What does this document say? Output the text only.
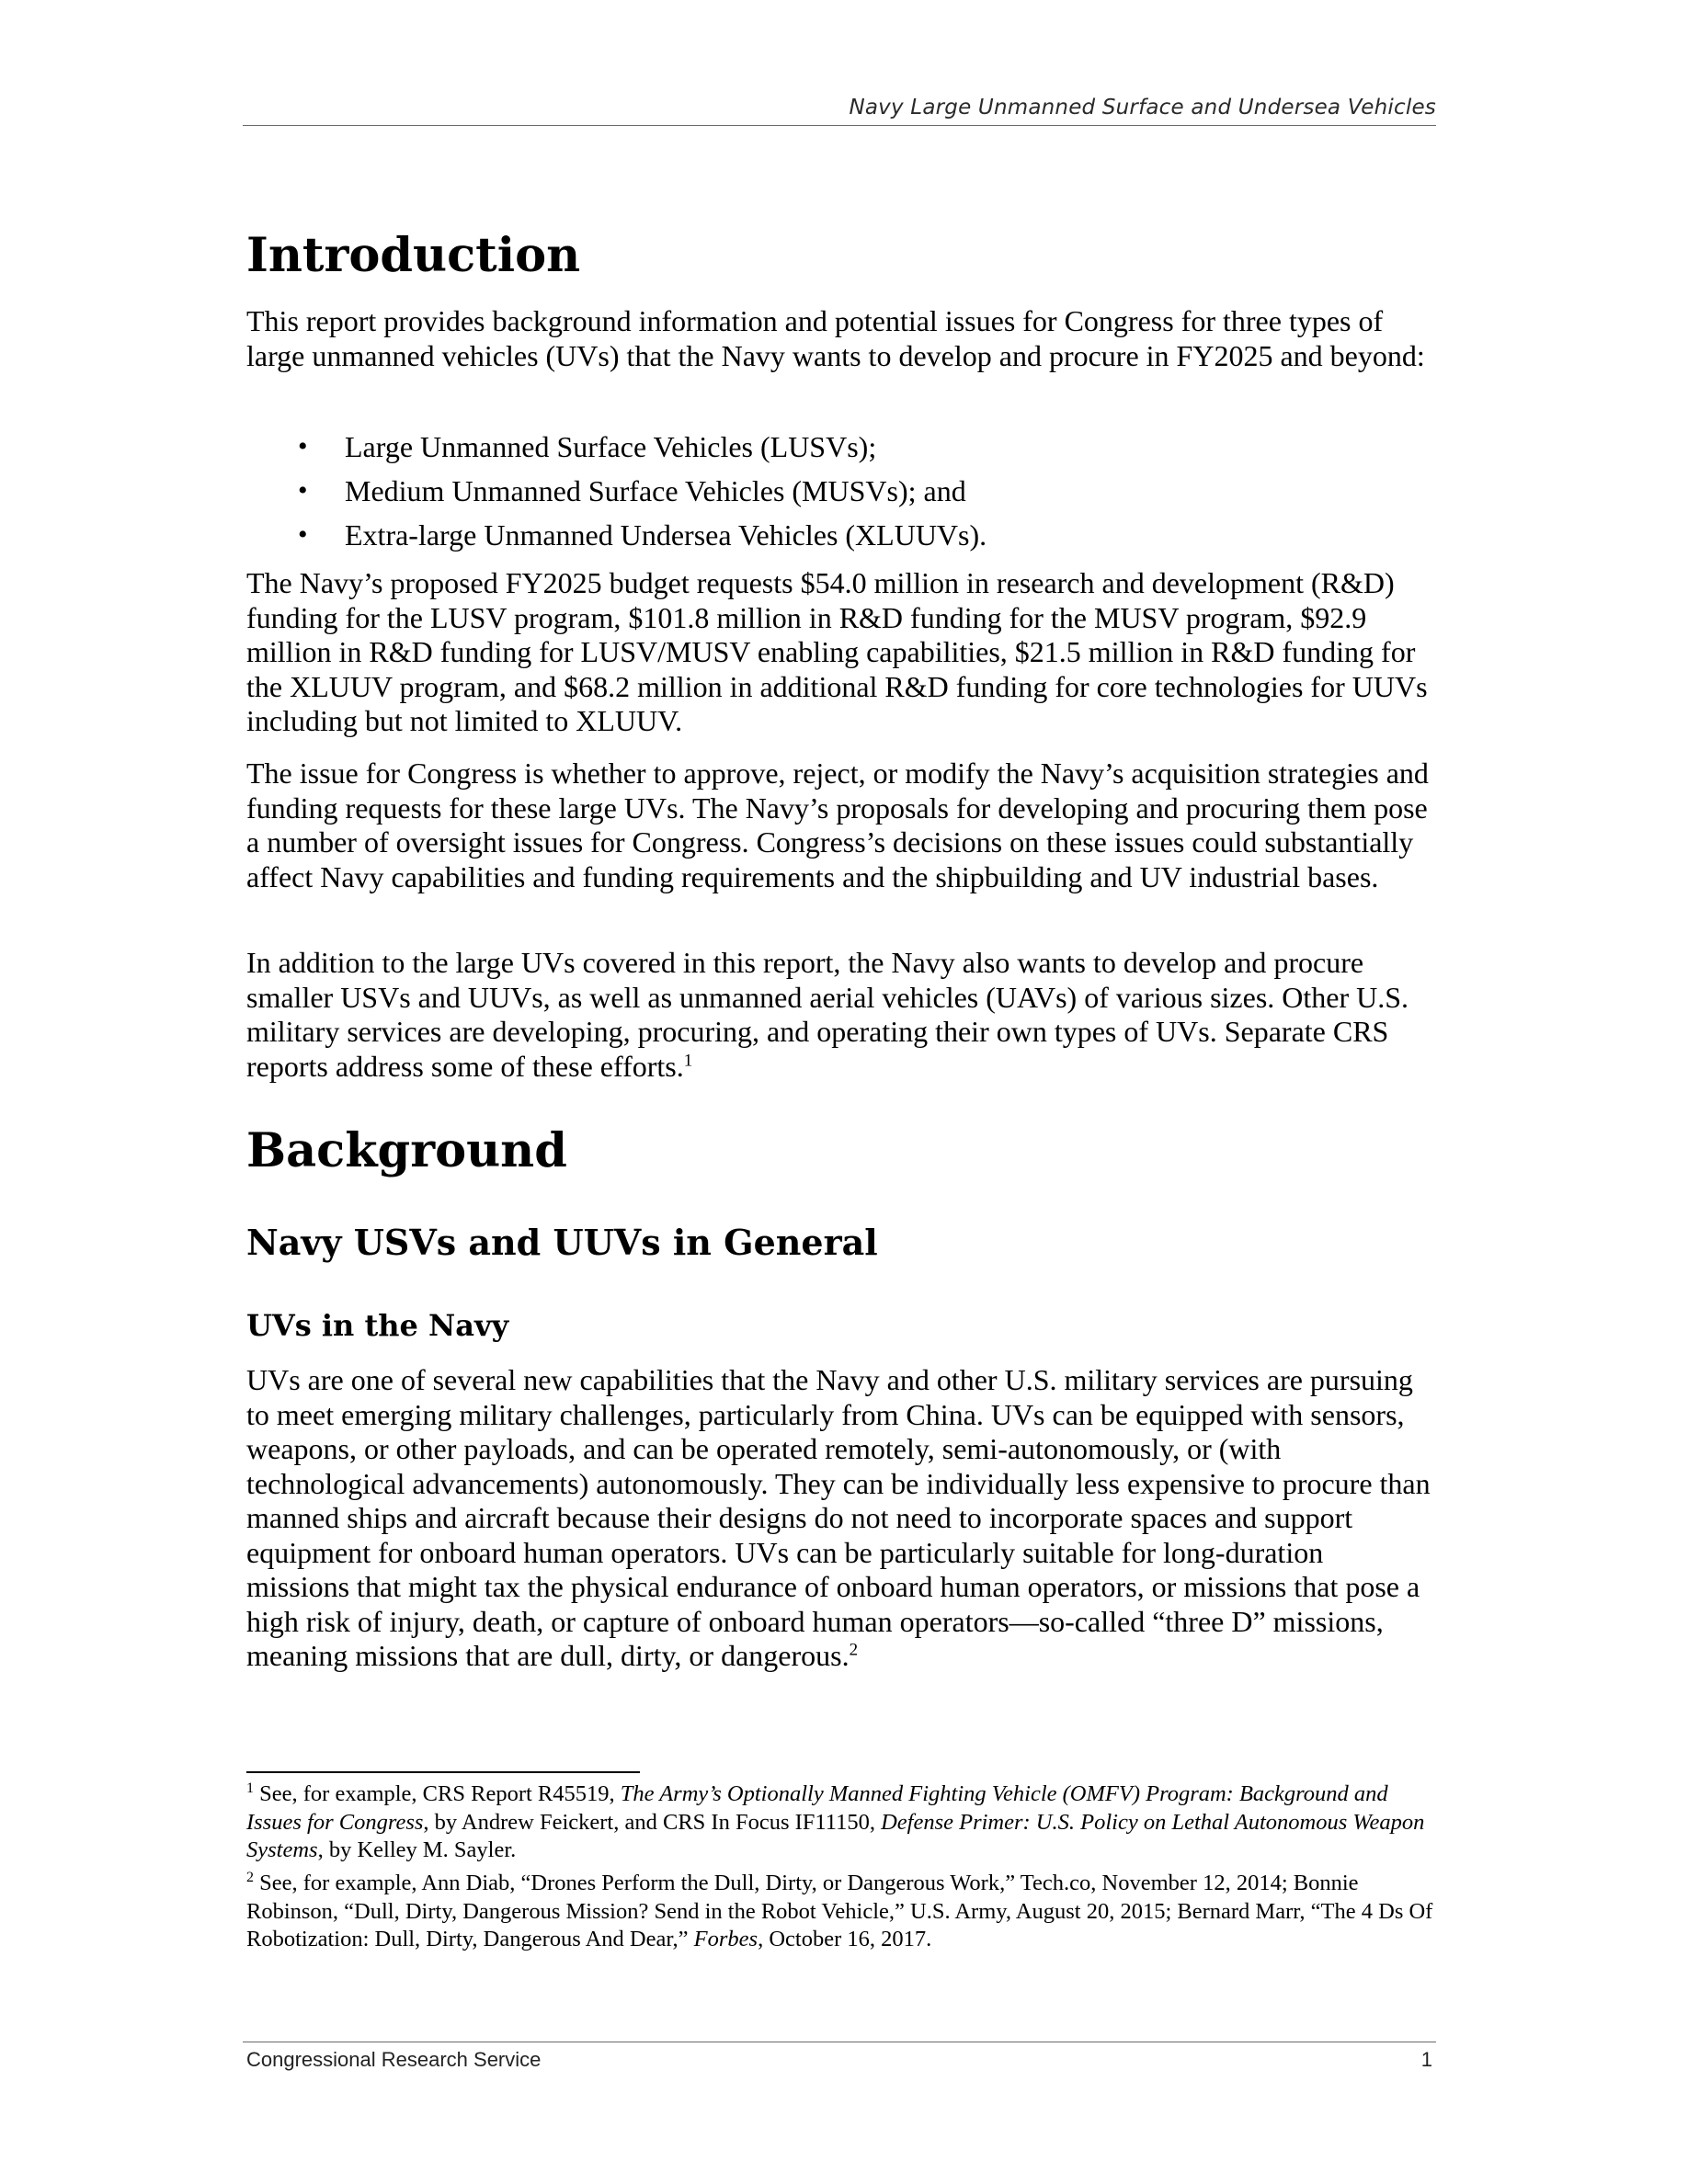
Navy Large Unmanned Surface and Undersea Vehicles
Introduction

This report provides background information and potential issues for Congress for three types of large unmanned vehicles (UVs) that the Navy wants to develop and procure in FY2025 and beyond:

• Large Unmanned Surface Vehicles (LUSVs);
• Medium Unmanned Surface Vehicles (MUSVs); and
• Extra-large Unmanned Undersea Vehicles (XLUUVs).

The Navy’s proposed FY2025 budget requests $54.0 million in research and development (R&D) funding for the LUSV program, $101.8 million in R&D funding for the MUSV program, $92.9 million in R&D funding for LUSV/MUSV enabling capabilities, $21.5 million in R&D funding for the XLUUV program, and $68.2 million in additional R&D funding for core technologies for UUVs including but not limited to XLUUV.

The issue for Congress is whether to approve, reject, or modify the Navy’s acquisition strategies and funding requests for these large UVs. The Navy’s proposals for developing and procuring them pose a number of oversight issues for Congress. Congress’s decisions on these issues could substantially affect Navy capabilities and funding requirements and the shipbuilding and UV industrial bases.

In addition to the large UVs covered in this report, the Navy also wants to develop and procure smaller USVs and UUVs, as well as unmanned aerial vehicles (UAVs) of various sizes. Other U.S. military services are developing, procuring, and operating their own types of UVs. Separate CRS reports address some of these efforts.$^1$

Background
Navy USVs and UUVs in General
UVs in the Navy

UVs are one of several new capabilities that the Navy and other U.S. military services are pursuing to meet emerging military challenges, particularly from China. UVs can be equipped with sensors, weapons, or other payloads, and can be operated remotely, semi-autonomously, or (with technological advancements) autonomously. They can be individually less expensive to procure than manned ships and aircraft because their designs do not need to incorporate spaces and support equipment for onboard human operators. UVs can be particularly suitable for long-duration missions that might tax the physical endurance of onboard human operators, or missions that pose a high risk of injury, death, or capture of onboard human operators—so-called “three D” missions, meaning missions that are dull, dirty, or dangerous.$^2$

$^1$ See, for example, CRS Report R45519, The Army’s Optionally Manned Fighting Vehicle (OMFV) Program: Background and Issues for Congress, by Andrew Feickert, and CRS In Focus IF11150, Defense Primer: U.S. Policy on Lethal Autonomous Weapon Systems, by Kelley M. Sayler.

$^2$ See, for example, Ann Diab, “Drones Perform the Dull, Dirty, or Dangerous Work,” Tech.co, November 12, 2014; Bonnie Robinson, “Dull, Dirty, Dangerous Mission? Send in the Robot Vehicle,” U.S. Army, August 20, 2015; Bernard Marr, “The 4 Ds Of Robotization: Dull, Dirty, Dangerous And Dear,” Forbes, October 16, 2017.

Congressional Research Service	1
